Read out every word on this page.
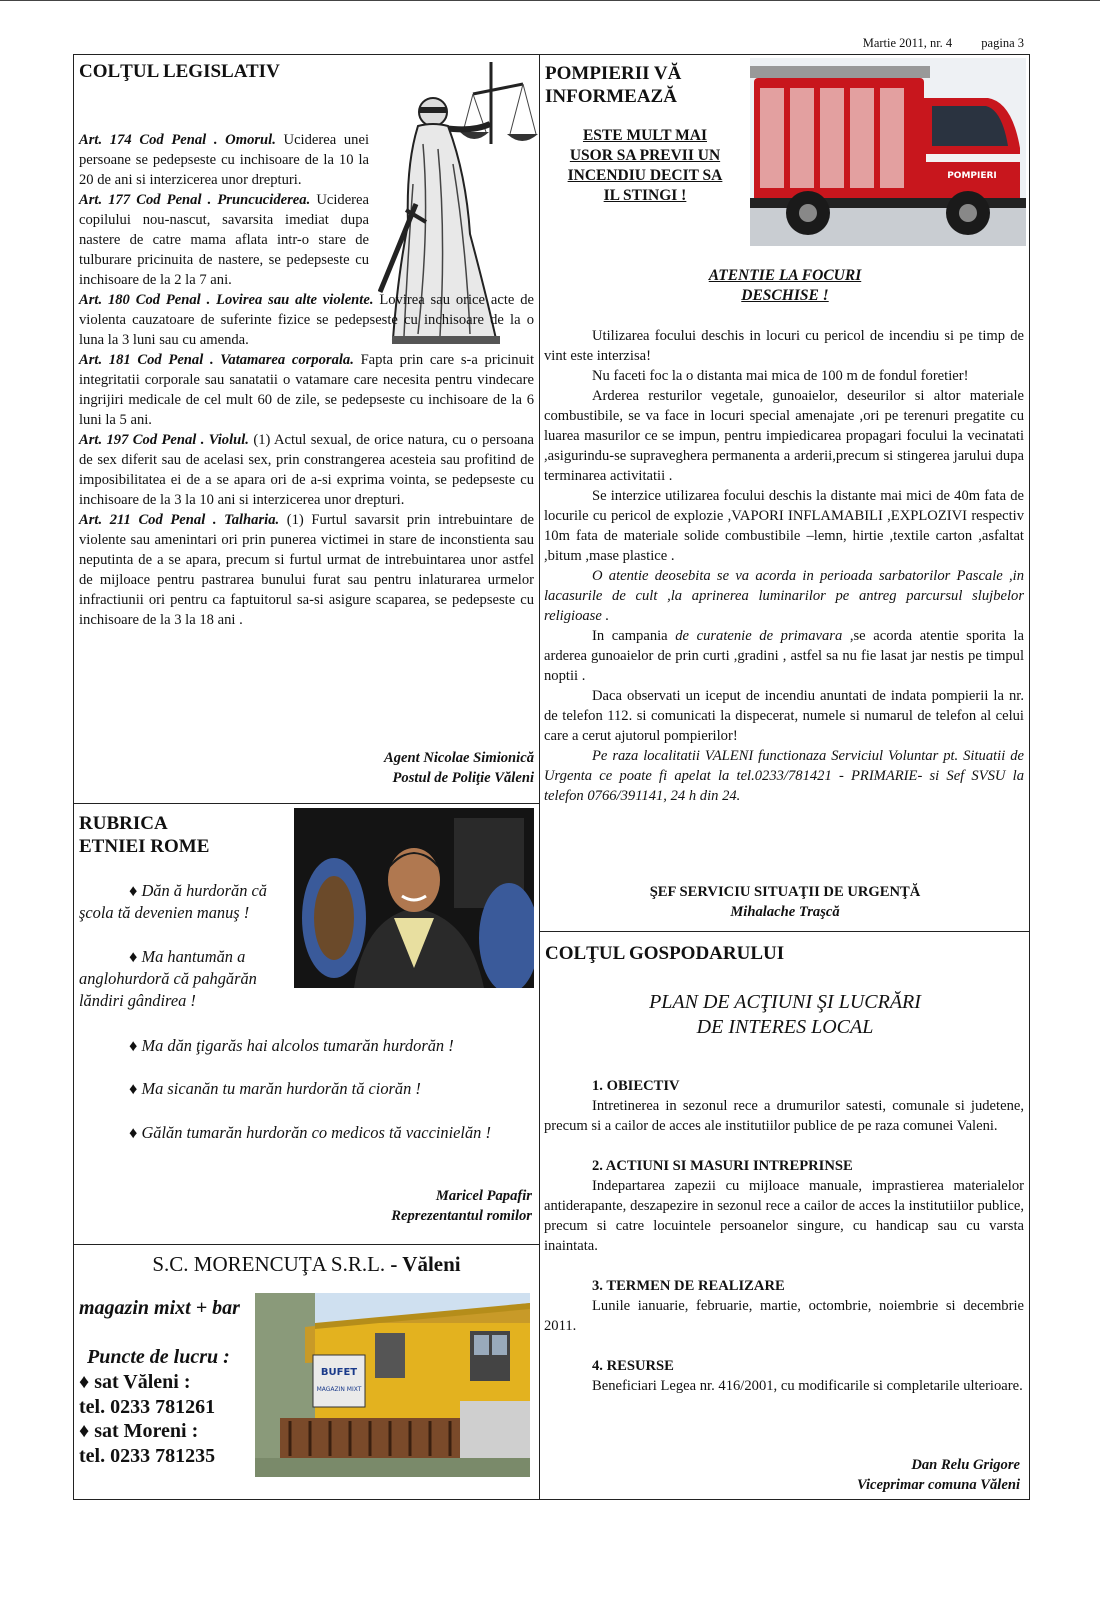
Martie 2011, nr. 4 pagina 3
COLŢUL LEGISLATIV

Art. 174 Cod Penal . Omorul. Uciderea unei persoane se pedepseste cu inchisoare de la 10 la 20 de ani si interzicerea unor drepturi.

Art. 177 Cod Penal . Pruncuciderea. Uciderea copilului nou-nascut, savarsita imediat dupa nastere de catre mama aflata intr-o stare de tulburare pricinuita de nastere, se pedepseste cu inchisoare de la 2 la 7 ani.

Art. 180 Cod Penal . Lovirea sau alte violente. Lovirea sau orice acte de violenta cauzatoare de suferinte fizice se pedepseste cu inchisoare de la o luna la 3 luni sau cu amenda.

Art. 181 Cod Penal . Vatamarea corporala. Fapta prin care s-a pricinuit integritatii corporale sau sanatatii o vatamare care necesita pentru vindecare ingrijiri medicale de cel mult 60 de zile, se pedepseste cu inchisoare de la 6 luni la 5 ani.

Art. 197 Cod Penal . Violul. (1) Actul sexual, de orice natura, cu o persoana de sex diferit sau de acelasi sex, prin constrangerea acesteia sau profitind de imposibilitatea ei de a se apara ori de a-si exprima vointa, se pedepseste cu inchisoare de la 3 la 10 ani si interzicerea unor drepturi.

Art. 211 Cod Penal . Talharia. (1) Furtul savarsit prin intrebuintare de violente sau amenintari ori prin punerea victimei in stare de inconstienta sau neputinta de a se apara, precum si furtul urmat de intrebuintarea unor astfel de mijloace pentru pastrarea bunului furat sau pentru inlaturarea urmelor infractiunii ori pentru ca faptuitorul sa-si asigure scaparea, se pedepseste cu inchisoare de la 3 la 18 ani .

Agent Nicolae Simionică
Postul de Poliţie Văleni
RUBRICA
ETNIEI ROME

♦ Dăn ă hurdorăn că şcola tă devenien manuş !

♦ Ma hantumăn a anglohurdoră că pahgărăn lăndiri gândirea !

♦ Ma dăn ţigarăs hai alcolos tumarăn hurdorăn !

♦ Ma sicanăn tu marăn hurdorăn tă ciorăn !

♦ Gălăn tumarăn hurdorăn co medicos tă vaccinielăn !

Maricel Papafir
Reprezentantul romilor
S.C. MORENCUŢA S.R.L. - Văleni
magazin mixt + bar
Puncte de lucru :
♦ sat Văleni :
tel. 0233 781261
♦ sat Moreni :
tel. 0233 781235
BUFET
MAGAZIN MIXT
POMPIERII VĂ
INFORMEAZĂ
ESTE MULT MAI
USOR SA PREVII UN
INCENDIU DECIT SA
IL STINGI !
POMPIERI
ATENTIE LA FOCURI
DESCHISE !

Utilizarea focului deschis in locuri cu pericol de incendiu si pe timp de vint este interzisa!

Nu faceti foc la o distanta mai mica de 100 m de fondul foretier!

Arderea resturilor vegetale, gunoaielor, deseurilor si altor materiale combustibile, se va face in locuri special amenajate ,ori pe terenuri pregatite cu luarea masurilor ce se impun, pentru impiedicarea propagari focului la vecinatati ,asigurindu-se supraveghera permanenta a arderii,precum si stingerea jarului dupa terminarea activitatii .

Se interzice utilizarea focului deschis la distante mai mici de 40m fata de locurile cu pericol de explozie ,VAPORI INFLAMABILI ,EXPLOZIVI respectiv 10m fata de materiale solide combustibile –lemn, hirtie ,textile carton ,asfaltat ,bitum ,mase plastice .

O atentie deosebita se va acorda in perioada sarbatorilor Pascale ,in lacasurile de cult ,la aprinerea luminarilor pe antreg parcursul slujbelor religioase .

In campania de curatenie de primavara ,se acorda atentie sporita la arderea gunoaielor de prin curti ,gradini , astfel sa nu fie lasat jar nestis pe timpul noptii .

Daca observati un iceput de incendiu anuntati de indata pompierii la nr. de telefon 112. si comunicati la dispecerat, numele si numarul de telefon al celui care a cerut ajutorul pompierilor!

Pe raza localitatii VALENI functionaza Serviciul Voluntar pt. Situatii de Urgenta ce poate fi apelat la tel.0233/781421 - PRIMARIE- si Sef SVSU la telefon 0766/391141, 24 h din 24.

ŞEF SERVICIU SITUAŢII DE URGENŢĂ
Mihalache Traşcă
COLŢUL GOSPODARULUI
PLAN DE ACŢIUNI ŞI LUCRĂRI
DE INTERES LOCAL

1. OBIECTIV

Intretinerea in sezonul rece a drumurilor satesti, comunale si judetene, precum si a cailor de acces ale institutiilor publice de pe raza comunei Valeni.

2. ACTIUNI SI MASURI INTREPRINSE

Indepartarea zapezii cu mijloace manuale, imprastierea materialelor antiderapante, deszapezire in sezonul rece a cailor de acces la institutiilor publice, precum si catre locuintele persoanelor singure, cu handicap sau cu varsta inaintata.

3. TERMEN DE REALIZARE

Lunile ianuarie, februarie, martie, octombrie, noiembrie si decembrie 2011.

4. RESURSE

Beneficiari Legea nr. 416/2001, cu modificarile si completarile ulterioare.

Dan Relu Grigore
Viceprimar comuna Văleni
